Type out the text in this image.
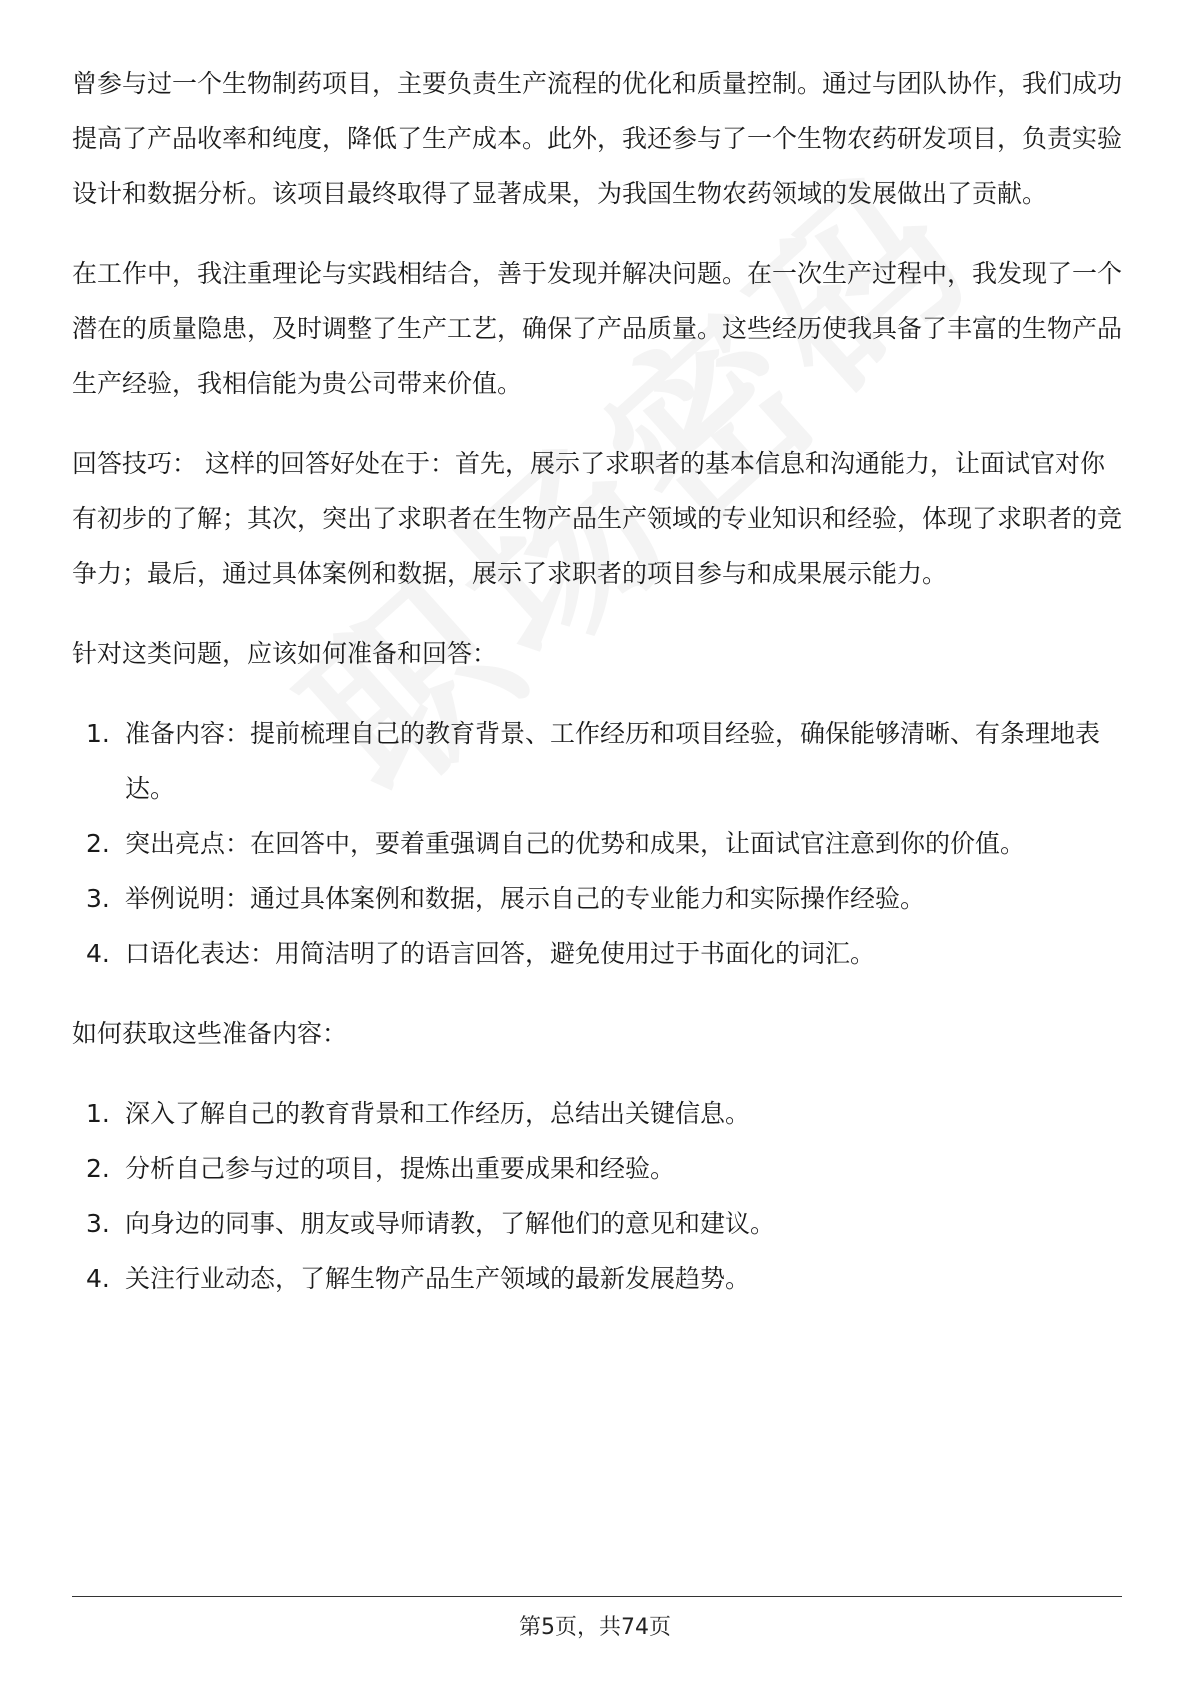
曾参与过一个生物制药项目，主要负责生产流程的优化和质量控制。通过与团队协作，我们成功提高了产品收率和纯度，降低了生产成本。此外，我还参与了一个生物农药研发项目，负责实验设计和数据分析。该项目最终取得了显著成果，为我国生物农药领域的发展做出了贡献。

在工作中，我注重理论与实践相结合，善于发现并解决问题。在一次生产过程中，我发现了一个潜在的质量隐患，及时调整了生产工艺，确保了产品质量。这些经历使我具备了丰富的生物产品生产经验，我相信能为贵公司带来价值。

回答技巧： 这样的回答好处在于：首先，展示了求职者的基本信息和沟通能力，让面试官对你有初步的了解；其次，突出了求职者在生物产品生产领域的专业知识和经验，体现了求职者的竞争力；最后，通过具体案例和数据，展示了求职者的项目参与和成果展示能力。

针对这类问题，应该如何准备和回答：

1. 准备内容：提前梳理自己的教育背景、工作经历和项目经验，确保能够清晰、有条理地表达。
2. 突出亮点：在回答中，要着重强调自己的优势和成果，让面试官注意到你的价值。
3. 举例说明：通过具体案例和数据，展示自己的专业能力和实际操作经验。
4. 口语化表达：用简洁明了的语言回答，避免使用过于书面化的词汇。

如何获取这些准备内容：

1. 深入了解自己的教育背景和工作经历，总结出关键信息。
2. 分析自己参与过的项目，提炼出重要成果和经验。
3. 向身边的同事、朋友或导师请教，了解他们的意见和建议。
4. 关注行业动态，了解生物产品生产领域的最新发展趋势。
第5页，共74页
